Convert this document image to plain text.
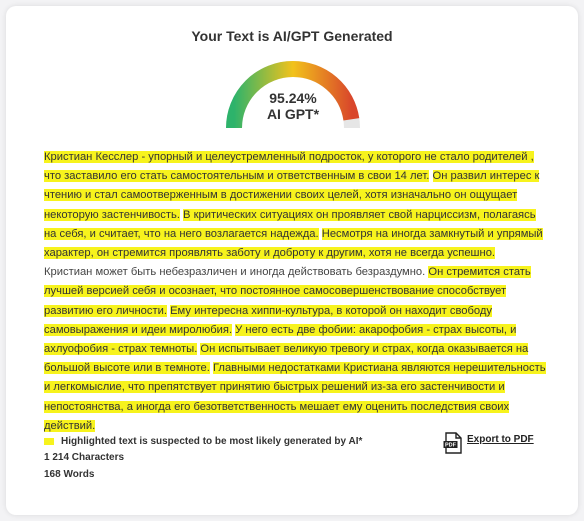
Your Text is AI/GPT Generated
95.24%
AI GPT*
Кристиан Кесслер - упорный и целеустремленный подросток, у которого не стало родителей , что заставило его стать самостоятельным и ответственным в свои 14 лет. Он развил интерес к чтению и стал самоотверженным в достижении своих целей, хотя изначально он ощущает некоторую застенчивость. В критических ситуациях он проявляет свой нарциссизм, полагаясь на себя, и считает, что на него возлагается надежда. Несмотря на иногда замкнутый и упрямый характер, он стремится проявлять заботу и доброту к другим, хотя не всегда успешно. Кристиан может быть небезразличен и иногда действовать безраздумно. Он стремится стать лучшей версией себя и осознает, что постоянное самосовершенствование способствует развитию его личности. Ему интересна хиппи-культура, в которой он находит свободу самовыражения и идеи миролюбия. У него есть две фобии: акарофобия - страх высоты, и ахлуофобия - страх темноты. Он испытывает великую тревогу и страх, когда оказывается на большой высоте или в темноте. Главными недостатками Кристиана являются нерешительность и легкомыслие, что препятствует принятию быстрых решений из-за его застенчивости и непостоянства, а иногда его безответственность мешает ему оценить последствия своих действий.
Highlighted text is suspected to be most likely generated by AI*
1 214 Characters
168 Words
PDF
Export to PDF
